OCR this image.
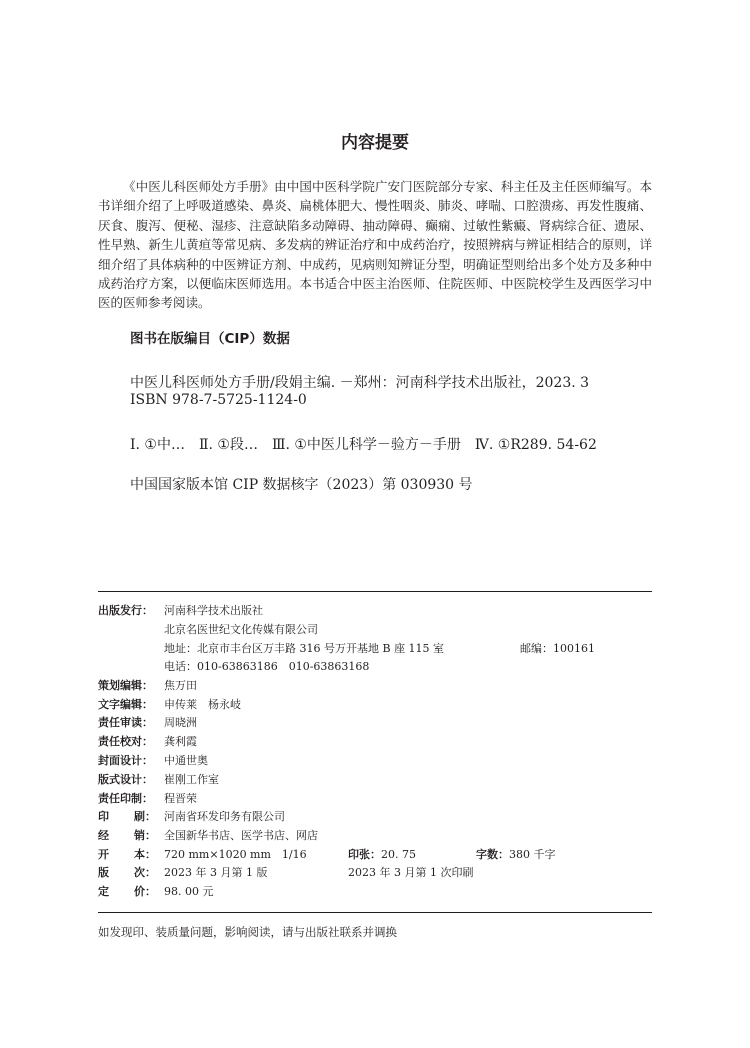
内容提要

《中医儿科医师处方手册》由中国中医科学院广安门医院部分专家、科主任及主任医师编写。本书详细介绍了上呼吸道感染、鼻炎、扁桃体肥大、慢性咽炎、肺炎、哮喘、口腔溃疡、再发性腹痛、厌食、腹泻、便秘、湿疹、注意缺陷多动障碍、抽动障碍、癫痫、过敏性紫癜、肾病综合征、遗尿、性早熟、新生儿黄疸等常见病、多发病的辨证治疗和中成药治疗，按照辨病与辨证相结合的原则，详细介绍了具体病种的中医辨证方剂、中成药，见病则知辨证分型，明确证型则给出多个处方及多种中成药治疗方案，以便临床医师选用。本书适合中医主治医师、住院医师、中医院校学生及西医学习中医的医师参考阅读。

图书在版编目（CIP）数据
中医儿科医师处方手册/段娟主编. －郑州：河南科学技术出版社，2023. 3
ISBN 978-7-5725-1124-0
Ⅰ. ①中…　Ⅱ. ①段…　Ⅲ. ①中医儿科学－验方－手册　Ⅳ. ①R289. 54-62
中国国家版本馆 CIP 数据核字（2023）第 030930 号
出版发行： 河南科学技术出版社
北京名医世纪文化传媒有限公司
地址：北京市丰台区万丰路 316 号万开基地 B 座 115 室	邮编：100161
电话：010-63863186　010-63863168
策划编辑： 焦万田
文字编辑： 申传莱　杨永岐
责任审读： 周晓洲
责任校对： 龚利霞
封面设计： 中通世奥
版式设计： 崔刚工作室
责任印制： 程晋荣
印 刷： 河南省环发印务有限公司
经 销： 全国新华书店、医学书店、网店
开 本： 720 mm×1020 mm　1/16	印张：20. 75	字数：380 千字
版 次： 2023 年 3 月第 1 版	2023 年 3 月第 1 次印刷
定 价： 98. 00 元
如发现印、装质量问题，影响阅读，请与出版社联系并调换
